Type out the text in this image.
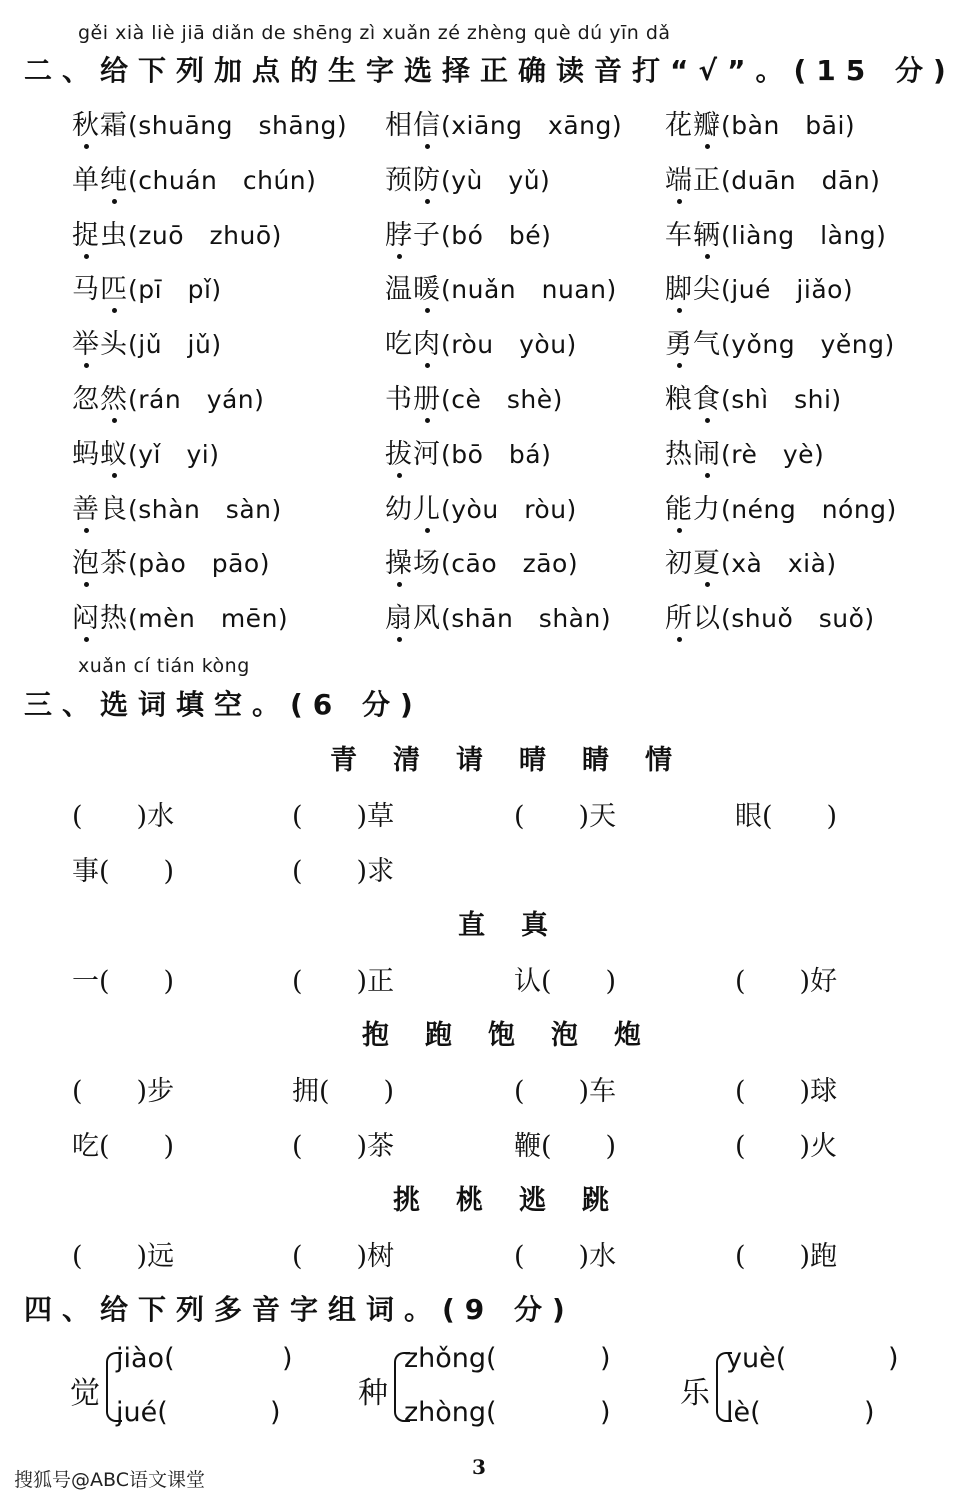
gěi xià liè jiā diǎn de shēng zì xuǎn zé zhèng què dú yīn dǎ
二、给下列加点的生字选择正确读音打“√”。(15 分)
秋霜(shuāng shāng) 相信(xiāng xāng) 花瓣(bàn bāi)
单纯(chuán chún)	预防(yù yǔ)	端正(duān dān)
捉虫(zuō zhuō)	脖子(bó bé)	车辆(liàng làng)
马匹(pī pǐ)	温暖(nuǎn nuan) 脚尖(jué jiǎo)
举头(jǔ jǔ)	吃肉(ròu yòu)	勇气(yǒng yěng)
忽然(rán yán)	书册(cè shè)	粮食(shì shi)
蚂蚁(yǐ yi)	拔河(bō bá)	热闹(rè yè)
善良(shàn sàn)	幼儿(yòu ròu)	能力(néng nóng)
泡茶(pào pāo)	操场(cāo zāo)	初夏(xà xià)
闷热(mèn mēn)	扇风(shān shàn) 所以(shuǒ suǒ)
xuǎn cí tián kòng
三、选词填空。(6 分)
青清请晴睛情
直真
抱跑饱泡炮
挑桃逃跳
(　　)水	(　　)草	(　　)天	眼(　　)
事(　　)	(　　)求
一(　　)	(　　)正	认(　　)	(　　)好
(　　)步	拥(　　)	(　　)车	(　　)球
吃(　　)	(　　)茶	鞭(　　)	(　　)火
(　　)远	(　　)树	(　　)水	(　　)跑
四、给下列多音字组词。(9 分)
觉
jiào(	)
jué(	)
种
zhǒng(	)
zhòng(	)
乐
yuè(	)
lè(	)
3
搜狐号@ABC语文课堂
